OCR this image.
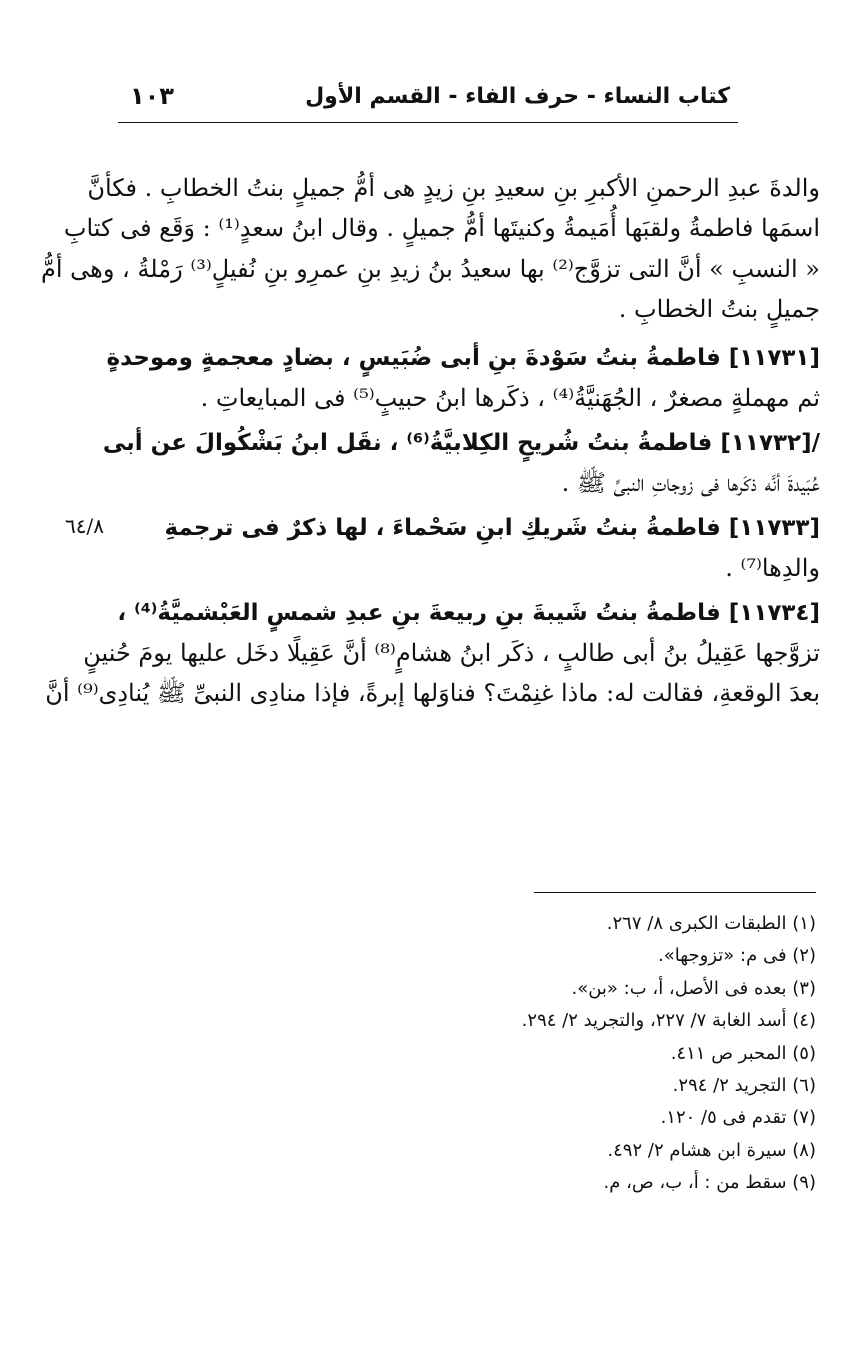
كتاب النساء - حرف الفاء - القسم الأول
١٠٣
٦٤/٨
والدةَ عبدِ الرحمنِ الأكبرِ بنِ سعيدِ بنِ زيدٍ هى أمُّ جميلٍ بنتُ الخطابِ . فكأنَّ
اسمَها فاطمةُ ولقبَها أُمَيمةُ وكنيتَها أمُّ جميلٍ . وقال ابنُ سعدٍ⁽¹⁾ : وَقَع فى كتابِ
« النسبِ » أنَّ التى تزوَّج⁽²⁾ بها سعيدُ بنُ زيدِ بنِ عمرِو بنِ نُفيلٍ⁽³⁾ رَمْلةُ ، وهى أمُّ
جميلٍ بنتُ الخطابِ .
[١١٧٣١] فاطمةُ بنتُ سَوْدةَ بنِ أبى ضُبَيسٍ ، بضادٍ معجمةٍ وموحدةٍ
ثم مهملةٍ مصغرٌ ، الجُهَنيَّةُ⁽⁴⁾ ، ذكَرها ابنُ حبيبٍ⁽⁵⁾ فى المبايعاتِ .
/[١١٧٣٢] فاطمةُ بنتُ شُريحٍ الكِلابيَّةُ⁽⁶⁾ ، نقَل ابنُ بَشْكُوالَ عن أبى
عُبَيدةَ أنَّه ذكَرها فى زوجاتِ النبىِّ ﷺ .
[١١٧٣٣] فاطمةُ بنتُ شَريكِ ابنِ سَحْماءَ ، لها ذكرٌ فى ترجمةِ
والدِها⁽⁷⁾ .
[١١٧٣٤] فاطمةُ بنتُ شَيبةَ بنِ ربيعةَ بنِ عبدِ شمسٍ العَبْشميَّةُ⁽⁴⁾ ،
تزوَّجها عَقِيلُ بنُ أبى طالبٍ ، ذكَر ابنُ هشامٍ⁽⁸⁾ أنَّ عَقِيلًا دخَل عليها يومَ حُنينٍ
بعدَ الوقعةِ، فقالت له: ماذا غنِمْتَ؟ فناوَلها إبرةً، فإذا منادِى النبىِّ ﷺ يُنادِى⁽⁹⁾ أنَّ
(١) الطبقات الكبرى ٨/ ٢٦٧.
(٢) فى م: «تزوجها».
(٣) بعده فى الأصل، أ، ب: «بن».
(٤) أسد الغابة ٧/ ٢٢٧، والتجريد ٢/ ٢٩٤.
(٥) المحبر ص ٤١١.
(٦) التجريد ٢/ ٢٩٤.
(٧) تقدم فى ٥/ ١٢٠.
(٨) سيرة ابن هشام ٢/ ٤٩٢.
(٩) سقط من : أ، ب، ص، م.
